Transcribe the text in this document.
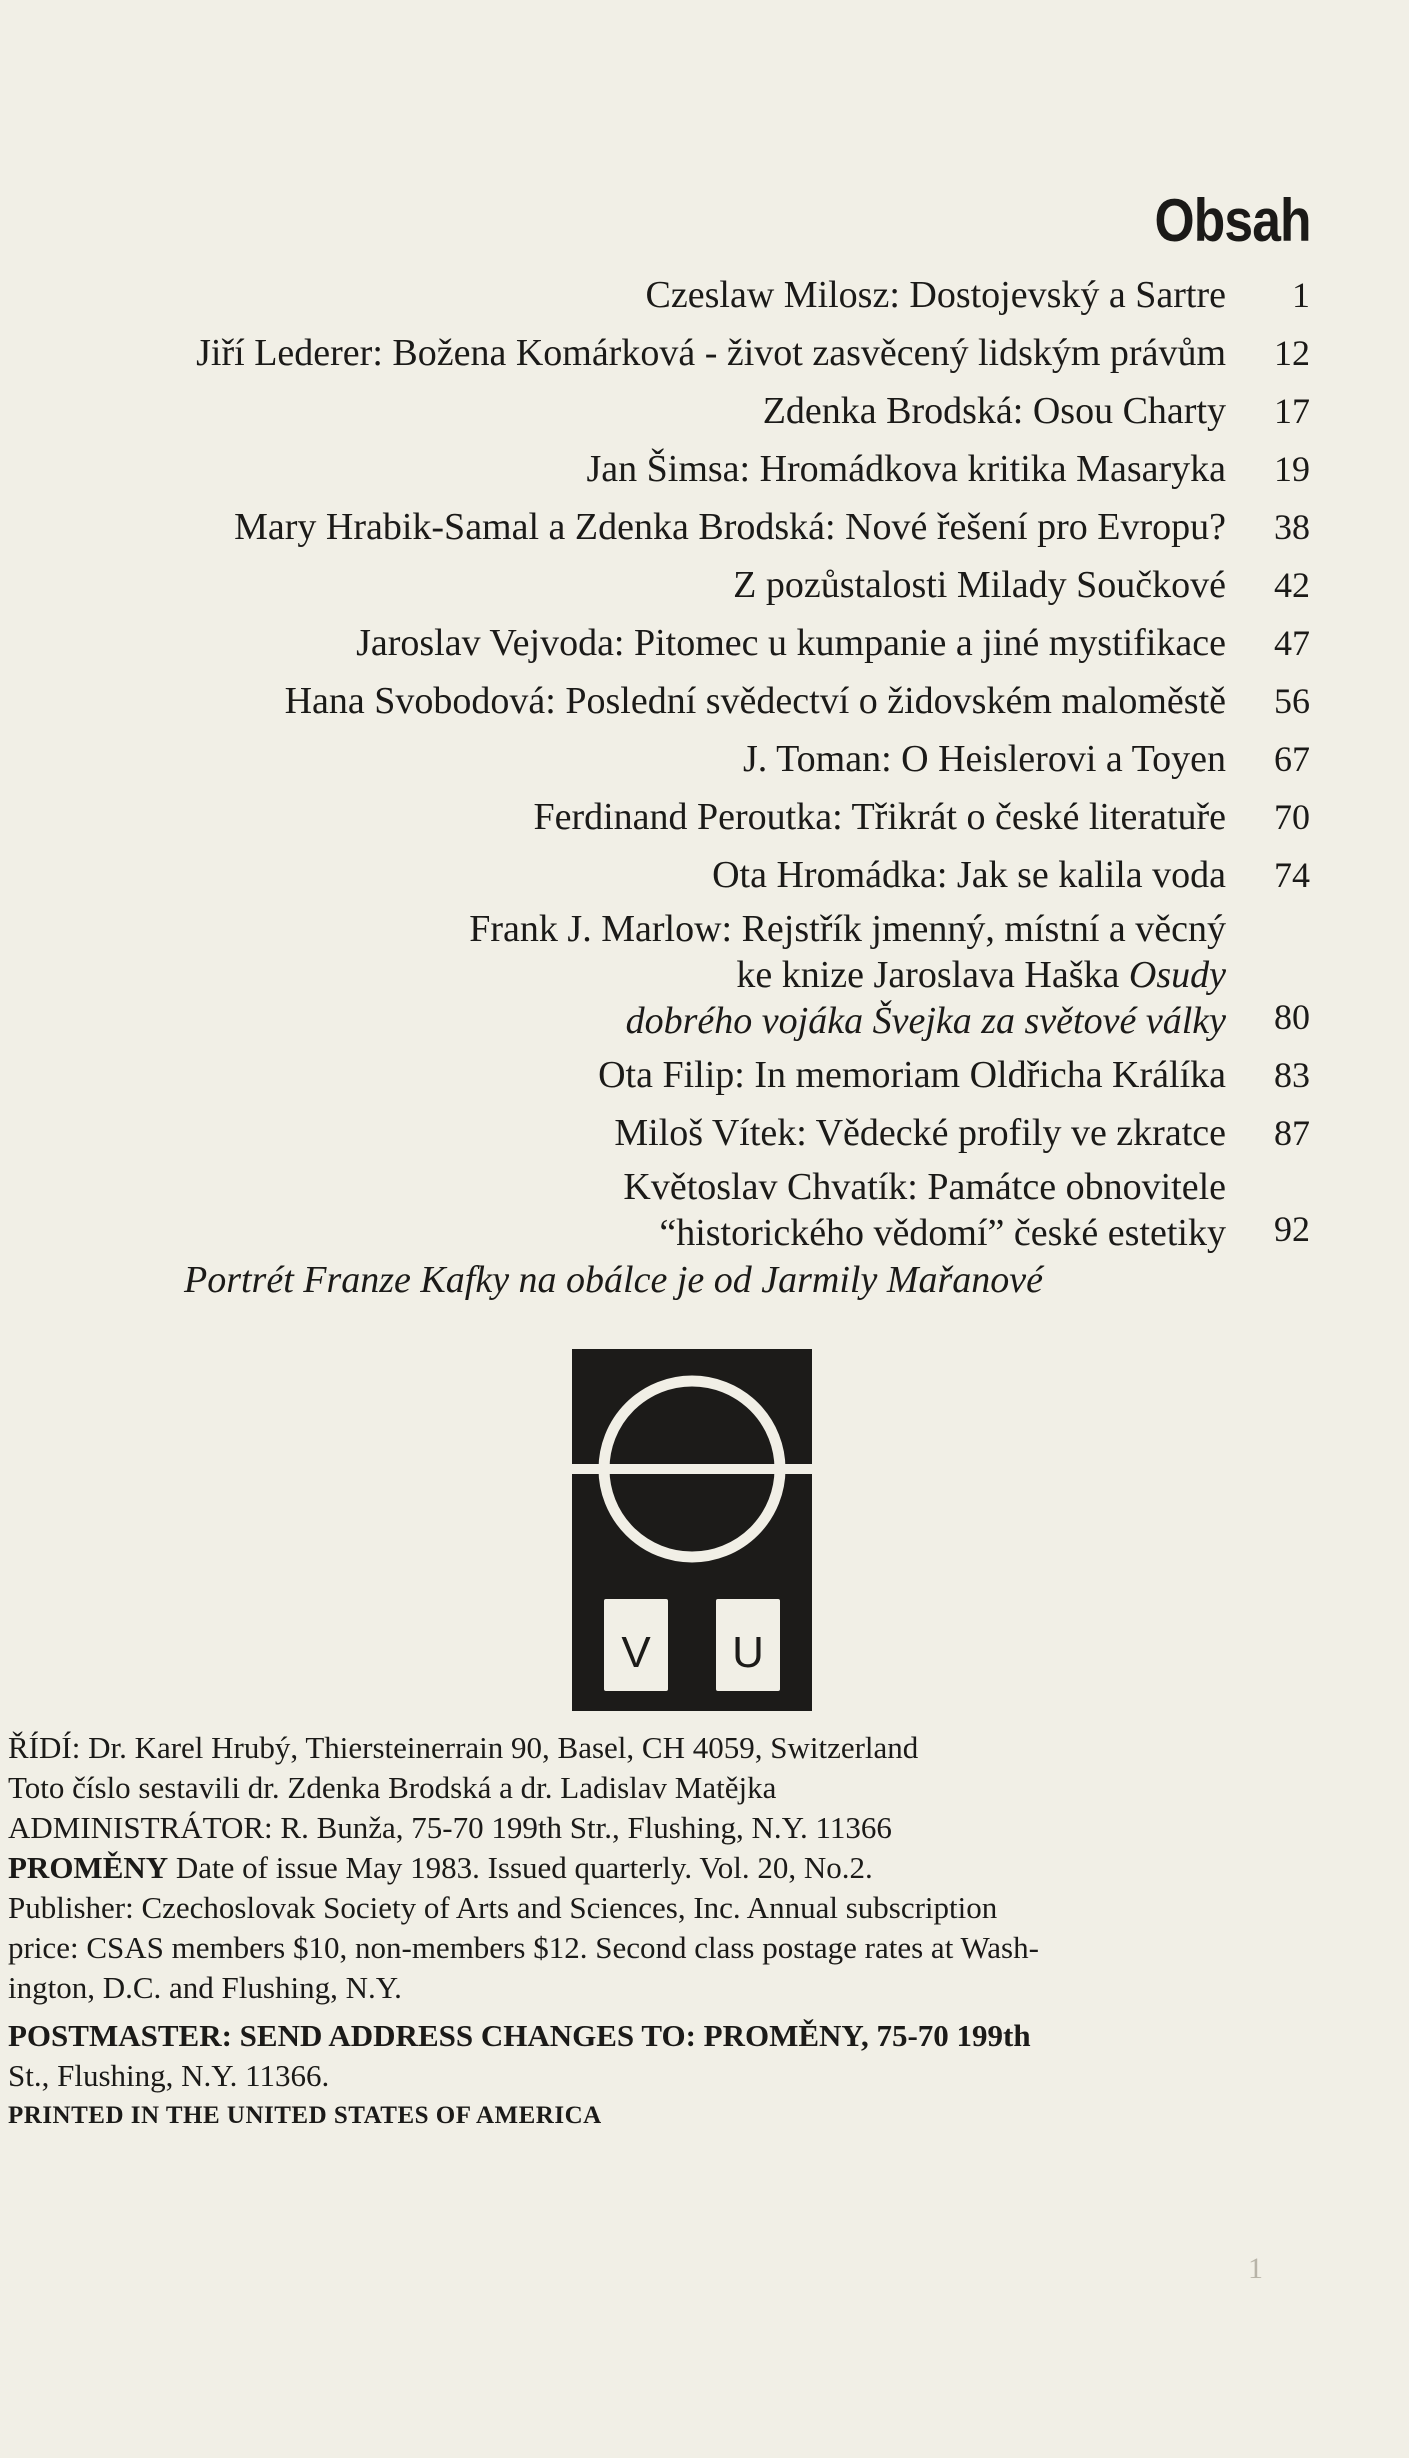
Obsah
Czeslaw Milosz: Dostojevský a Sartre	1
Jiří Lederer: Božena Komárková - život zasvěcený lidským právům	12
Zdenka Brodská: Osou Charty	17
Jan Šimsa: Hromádkova kritika Masaryka	19
Mary Hrabik-Samal a Zdenka Brodská: Nové řešení pro Evropu?	38
Z pozůstalosti Milady Součkové	42
Jaroslav Vejvoda: Pitomec u kumpanie a jiné mystifikace	47
Hana Svobodová: Poslední svědectví o židovském maloměstě	56
J. Toman: O Heislerovi a Toyen	67
Ferdinand Peroutka: Třikrát o české literatuře	70
Ota Hromádka: Jak se kalila voda	74
Frank J. Marlow: Rejstřík jmenný, místní a věcný
ke knize Jaroslava Haška Osudy
dobrého vojáka Švejka za světové války	80
Ota Filip: In memoriam Oldřicha Králíka	83
Miloš Vítek: Vědecké profily ve zkratce	87
Květoslav Chvatík: Památce obnovitele
“historického vědomí” české estetiky	92
Portrét Franze Kafky na obálce je od Jarmily Mařanové
V U
ŘÍDÍ: Dr. Karel Hrubý, Thiersteinerrain 90, Basel, CH 4059, Switzerland
Toto číslo sestavili dr. Zdenka Brodská a dr. Ladislav Matějka
ADMINISTRÁTOR: R. Bunža, 75-70 199th Str., Flushing, N.Y. 11366
PROMĚNY Date of issue May 1983. Issued quarterly. Vol. 20, No.2.
Publisher: Czechoslovak Society of Arts and Sciences, Inc. Annual subscription
price: CSAS members $10, non-members $12. Second class postage rates at Wash-
ington, D.C. and Flushing, N.Y.
POSTMASTER: SEND ADDRESS CHANGES TO: PROMĚNY, 75-70 199th
St., Flushing, N.Y. 11366.
PRINTED IN THE UNITED STATES OF AMERICA
1
